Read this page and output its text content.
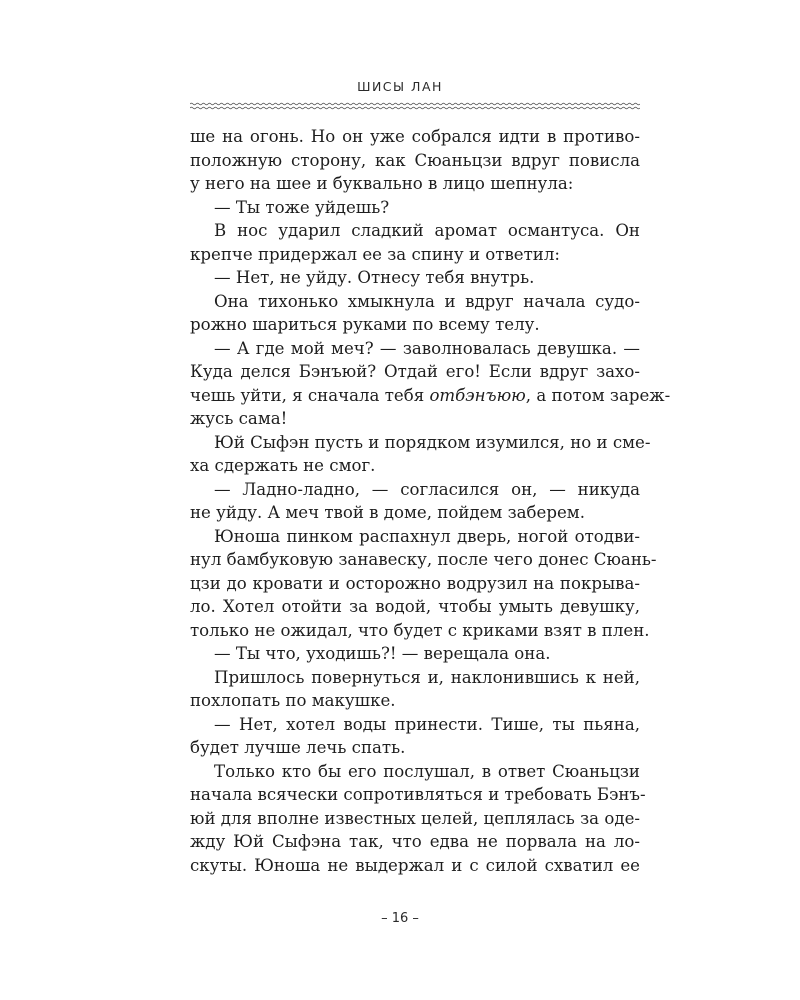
ШИСЫ ЛАН
ше на огонь. Но он уже собрался идти в противо-
положную сторону, как Сюаньцзи вдруг повисла
у него на шее и буквально в лицо шепнула:
— Ты тоже уйдешь?
В нос ударил сладкий аромат османтуса. Он
крепче придержал ее за спину и ответил:
— Нет, не уйду. Отнесу тебя внутрь.
Она тихонько хмыкнула и вдруг начала судо-
рожно шариться руками по всему телу.
— А где мой меч? — заволновалась девушка. —
Куда делся Бэнъюй? Отдай его! Если вдруг захо-
чешь уйти, я сначала тебя отбэнъюю, а потом зареж-
жусь сама!
Юй Сыфэн пусть и порядком изумился, но и сме-
ха сдержать не смог.
— Ладно-ладно, — согласился он, — никуда
не уйду. А меч твой в доме, пойдем заберем.
Юноша пинком распахнул дверь, ногой отодви-
нул бамбуковую занавеску, после чего донес Сюань-
цзи до кровати и осторожно водрузил на покрыва-
ло. Хотел отойти за водой, чтобы умыть девушку,
только не ожидал, что будет с криками взят в плен.
— Ты что, уходишь?! — верещала она.
Пришлось повернуться и, наклонившись к ней,
похлопать по макушке.
— Нет, хотел воды принести. Тише, ты пьяна,
будет лучше лечь спать.
Только кто бы его послушал, в ответ Сюаньцзи
начала всячески сопротивляться и требовать Бэнъ-
юй для вполне известных целей, цеплялась за оде-
жду Юй Сыфэна так, что едва не порвала на ло-
скуты. Юноша не выдержал и с силой схватил ее
– 16 –
